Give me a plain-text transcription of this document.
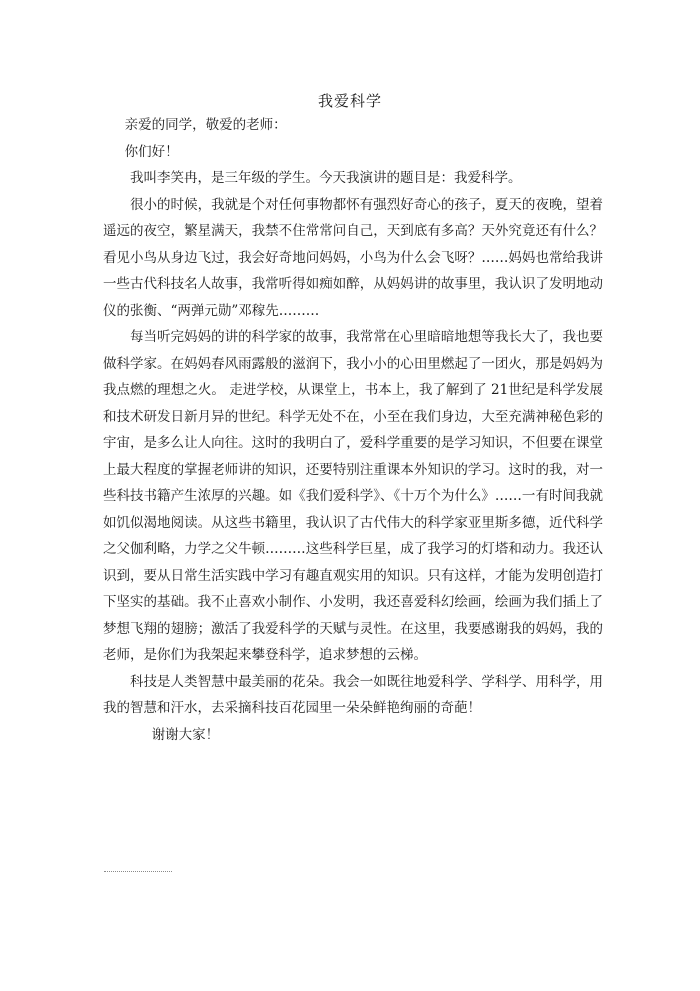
我爱科学

亲爱的同学，敬爱的老师：

你们好！

我叫李笑冉，是三年级的学生。今天我演讲的题目是：我爱科学。

很小的时候，我就是个对任何事物都怀有强烈好奇心的孩子，夏天的夜晚，望着遥远的夜空，繁星满天，我禁不住常常问自己，天到底有多高？天外究竟还有什么？看见小鸟从身边飞过，我会好奇地问妈妈，小鸟为什么会飞呀？……妈妈也常给我讲一些古代科技名人故事，我常听得如痴如醉，从妈妈讲的故事里，我认识了发明地动仪的张衡、“两弹元勋”邓稼先………

每当听完妈妈的讲的科学家的故事，我常常在心里暗暗地想等我长大了，我也要做科学家。在妈妈春风雨露般的滋润下，我小小的心田里燃起了一团火，那是妈妈为我点燃的理想之火。 走进学校，从课堂上，书本上，我了解到了 21世纪是科学发展和技术研发日新月异的世纪。科学无处不在，小至在我们身边，大至充满神秘色彩的宇宙，是多么让人向往。这时的我明白了，爱科学重要的是学习知识，不但要在课堂上最大程度的掌握老师讲的知识，还要特别注重课本外知识的学习。这时的我，对一些科技书籍产生浓厚的兴趣。如《我们爱科学》、《十万个为什么》……一有时间我就如饥似渴地阅读。从这些书籍里，我认识了古代伟大的科学家亚里斯多德，近代科学之父伽利略，力学之父牛顿………这些科学巨星，成了我学习的灯塔和动力。我还认识到，要从日常生活实践中学习有趣直观实用的知识。只有这样，才能为发明创造打下坚实的基础。我不止喜欢小制作、小发明，我还喜爱科幻绘画，绘画为我们插上了梦想飞翔的翅膀；激活了我爱科学的天赋与灵性。在这里，我要感谢我的妈妈，我的老师，是你们为我架起来攀登科学，追求梦想的云梯。

科技是人类智慧中最美丽的花朵。我会一如既往地爱科学、学科学、用科学，用我的智慧和汗水，去采摘科技百花园里一朵朵鲜艳绚丽的奇葩！

谢谢大家！
